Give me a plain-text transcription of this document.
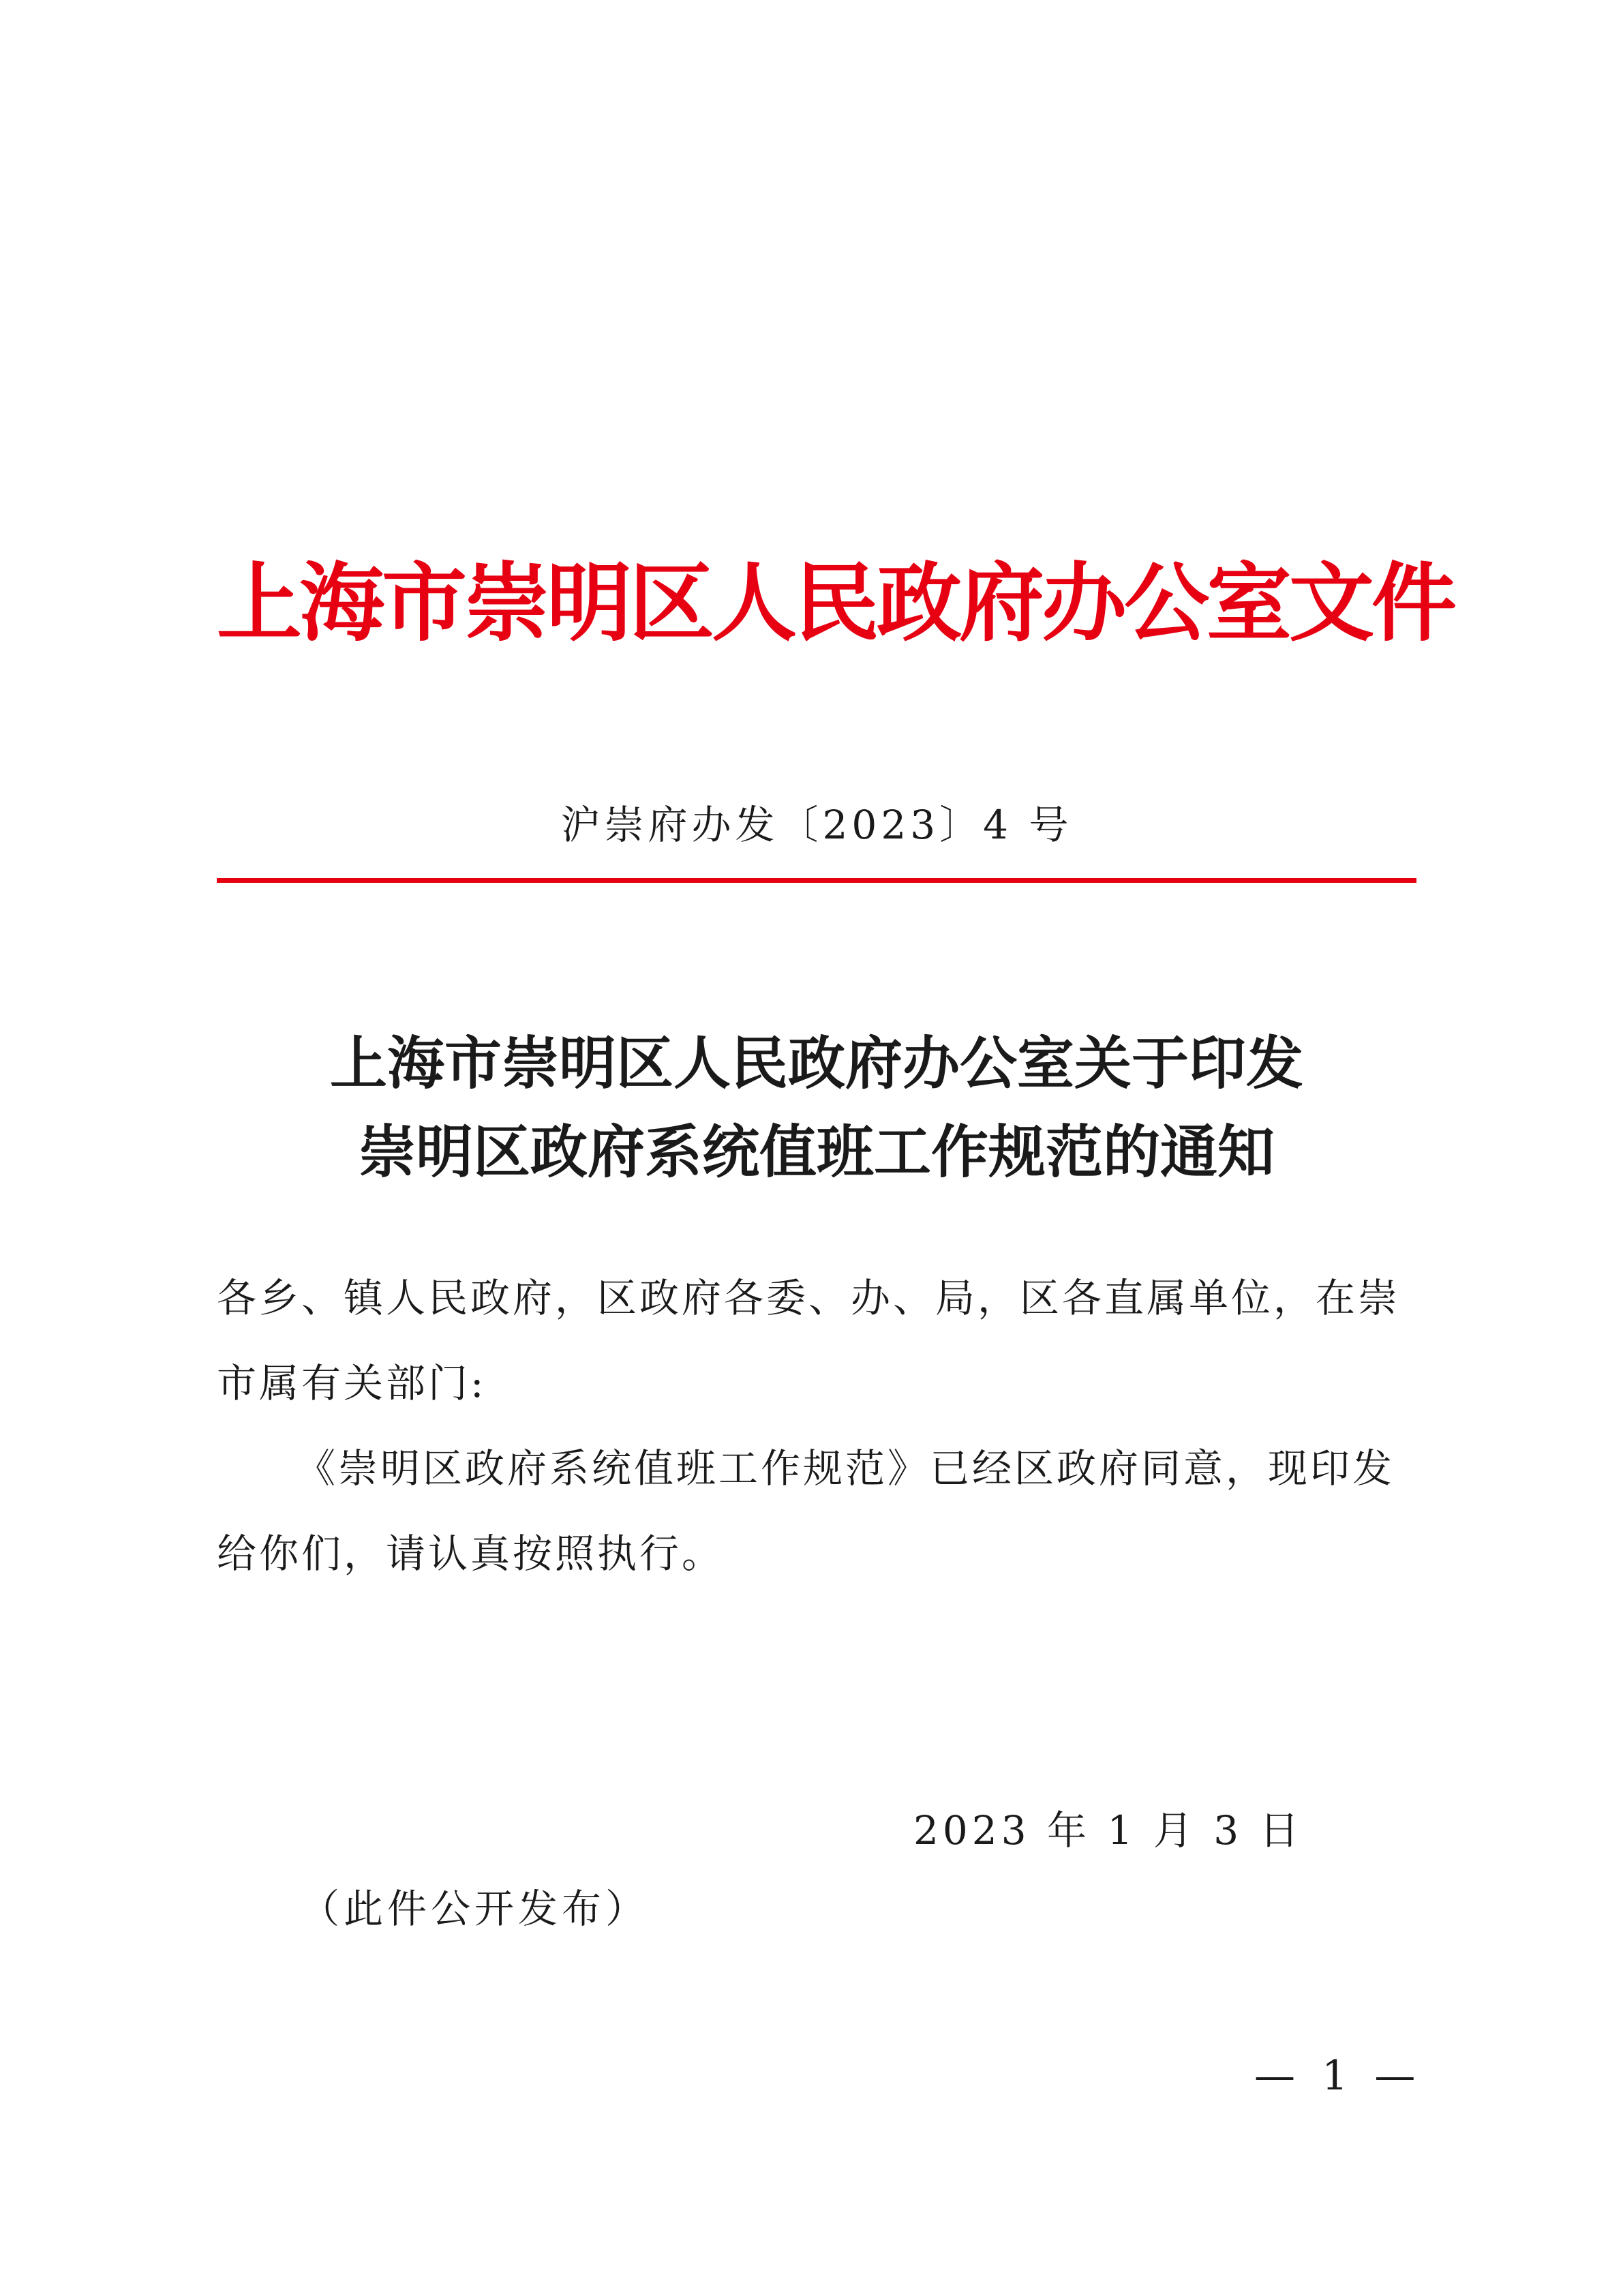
上海市崇明区人民政府办公室文件
沪崇府办发〔2023〕4 号
上海市崇明区人民政府办公室关于印发
崇明区政府系统值班工作规范的通知
各乡、镇人民政府，区政府各委、办、局，区各直属单位，在崇
市属有关部门:
《崇明区政府系统值班工作规范》已经区政府同意，现印发
给你们，请认真按照执行。
2023 年 1 月 3 日
（此件公开发布）
— 1 —
